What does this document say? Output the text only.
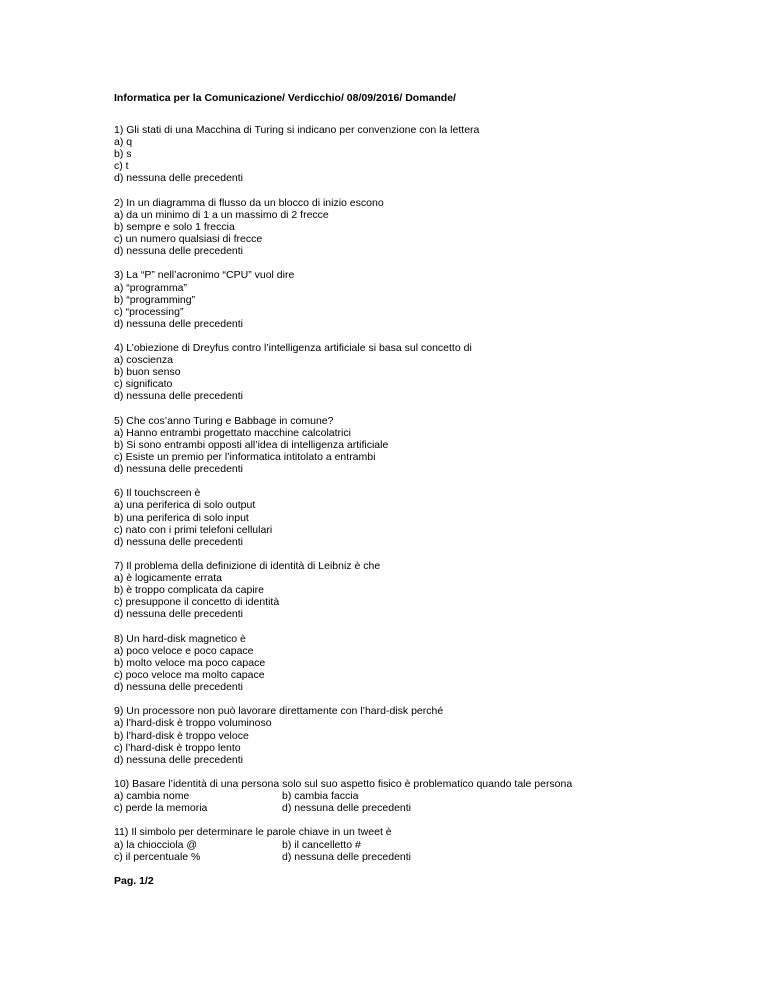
Informatica per la Comunicazione/ Verdicchio/ 08/09/2016/ Domande/
1) Gli stati di una Macchina di Turing si indicano per convenzione con la lettera
a) q
b) s
c) t
d) nessuna delle precedenti
2) In un diagramma di flusso da un blocco di inizio escono
a) da un minimo di 1 a un massimo di 2 frecce
b) sempre e solo 1 freccia
c) un numero qualsiasi di frecce
d) nessuna delle precedenti
3) La “P” nell’acronimo “CPU” vuol dire
a) “programma”
b) “programming”
c) “processing”
d) nessuna delle precedenti
4) L’obiezione di Dreyfus contro l’intelligenza artificiale si basa sul concetto di
a) coscienza
b) buon senso
c) significato
d) nessuna delle precedenti
5) Che cos’anno Turing e Babbage in comune?
a) Hanno entrambi progettato macchine calcolatrici
b) Si sono entrambi opposti all’idea di intelligenza artificiale
c) Esiste un premio per l’informatica intitolato a entrambi
d) nessuna delle precedenti
6) Il touchscreen è
a) una periferica di solo output
b) una periferica di solo input
c) nato con i primi telefoni cellulari
d) nessuna delle precedenti
7) Il problema della definizione di identità di Leibniz è che
a) è logicamente errata
b) è troppo complicata da capire
c) presuppone il concetto di identità
d) nessuna delle precedenti
8) Un hard-disk magnetico è
a) poco veloce e poco capace
b) molto veloce ma poco capace
c) poco veloce ma molto capace
d) nessuna delle precedenti
9) Un processore non può lavorare direttamente con l’hard-disk perché
a) l’hard-disk è troppo voluminoso
b) l’hard-disk è troppo veloce
c) l’hard-disk è troppo lento
d) nessuna delle precedenti
10) Basare l’identità di una persona solo sul suo aspetto fisico è problematico quando tale persona
a) cambia nome	b) cambia faccia
c) perde la memoria	d) nessuna delle precedenti
11) Il simbolo per determinare le parole chiave in un tweet è
a) la chiocciola @	b) il cancelletto #
c) il percentuale %	d) nessuna delle precedenti
Pag. 1/2
